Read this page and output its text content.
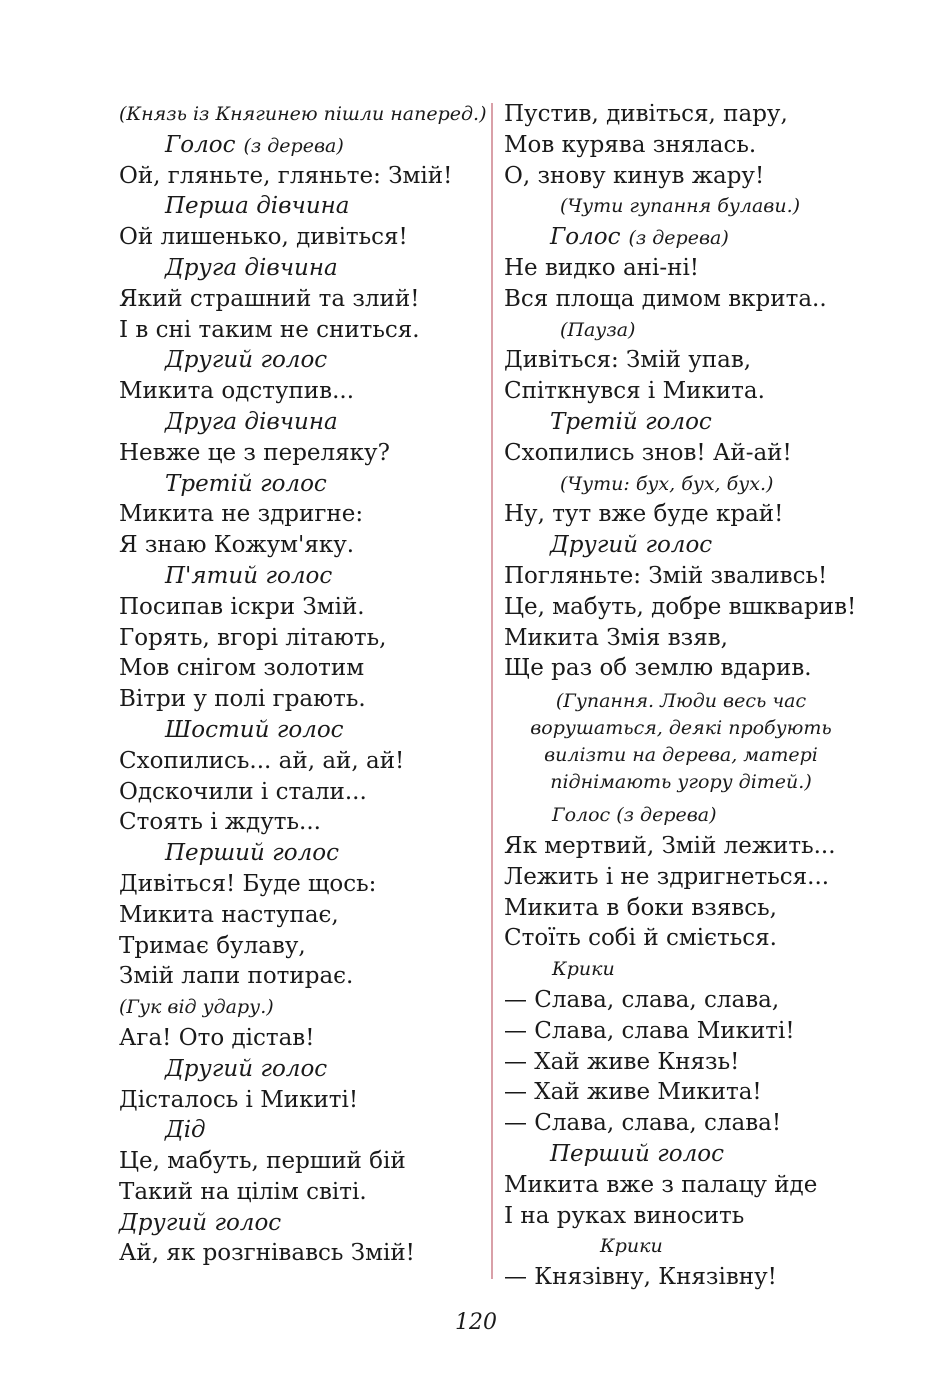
(Князь із Княгинею пішли наперед.)
Голос (з дерева)
Ой, гляньте, гляньте: Змій!
Перша дівчина
Ой лишенько, дивіться!
Друга дівчина
Який страшний та злий!
І в сні таким не сниться.
Другий голос
Микита одступив...
Друга дівчина
Невже це з переляку?
Третій голос
Микита не здригне:
Я знаю Кожум'яку.
П'ятий голос
Посипав іскри Змій.
Горять, вгорі літають,
Мов снігом золотим
Вітри у полі грають.
Шостий голос
Схопились... ай, ай, ай!
Одскочили і стали...
Стоять і ждуть...
Перший голос
Дивіться! Буде щось:
Микита наступає,
Тримає булаву,
Змій лапи потирає.
(Гук від удару.)
Ага! Ото дістав!
Другий голос
Дісталось і Микиті!
Дід
Це, мабуть, перший бій
Такий на цілім світі.
Другий голос
Ай, як розгнівавсь Змій!
Пустив, дивіться, пару,
Мов курява знялась.
О, знову кинув жару!
(Чути гупання булави.)
Голос (з дерева)
Не видко ані-ні!
Вся площа димом вкрита..
(Пауза)
Дивіться: Змій упав,
Спіткнувся і Микита.
Третій голос
Схопились знов! Ай-ай!
(Чути: бух, бух, бух.)
Ну, тут вже буде край!
Другий голос
Погляньте: Змій зваливсь!
Це, мабуть, добре вшкварив!
Микита Змія взяв,
Ще раз об землю вдарив.
(Гупання. Люди весь час ворушаться, деякі пробують
вилізти на дерева, матері
піднімають угору дітей.)
Голос (з дерева)
Як мертвий, Змій лежить...
Лежить і не здригнеться...
Микита в боки взявсь,
Стоїть собі й сміється.
Крики
— Слава, слава, слава,
— Слава, слава Микиті!
— Хай живе Князь!
— Хай живе Микита!
— Слава, слава, слава!
Перший голос
Микита вже з палацу йде
І на руках виносить
Крики
— Князівну, Князівну!
120
